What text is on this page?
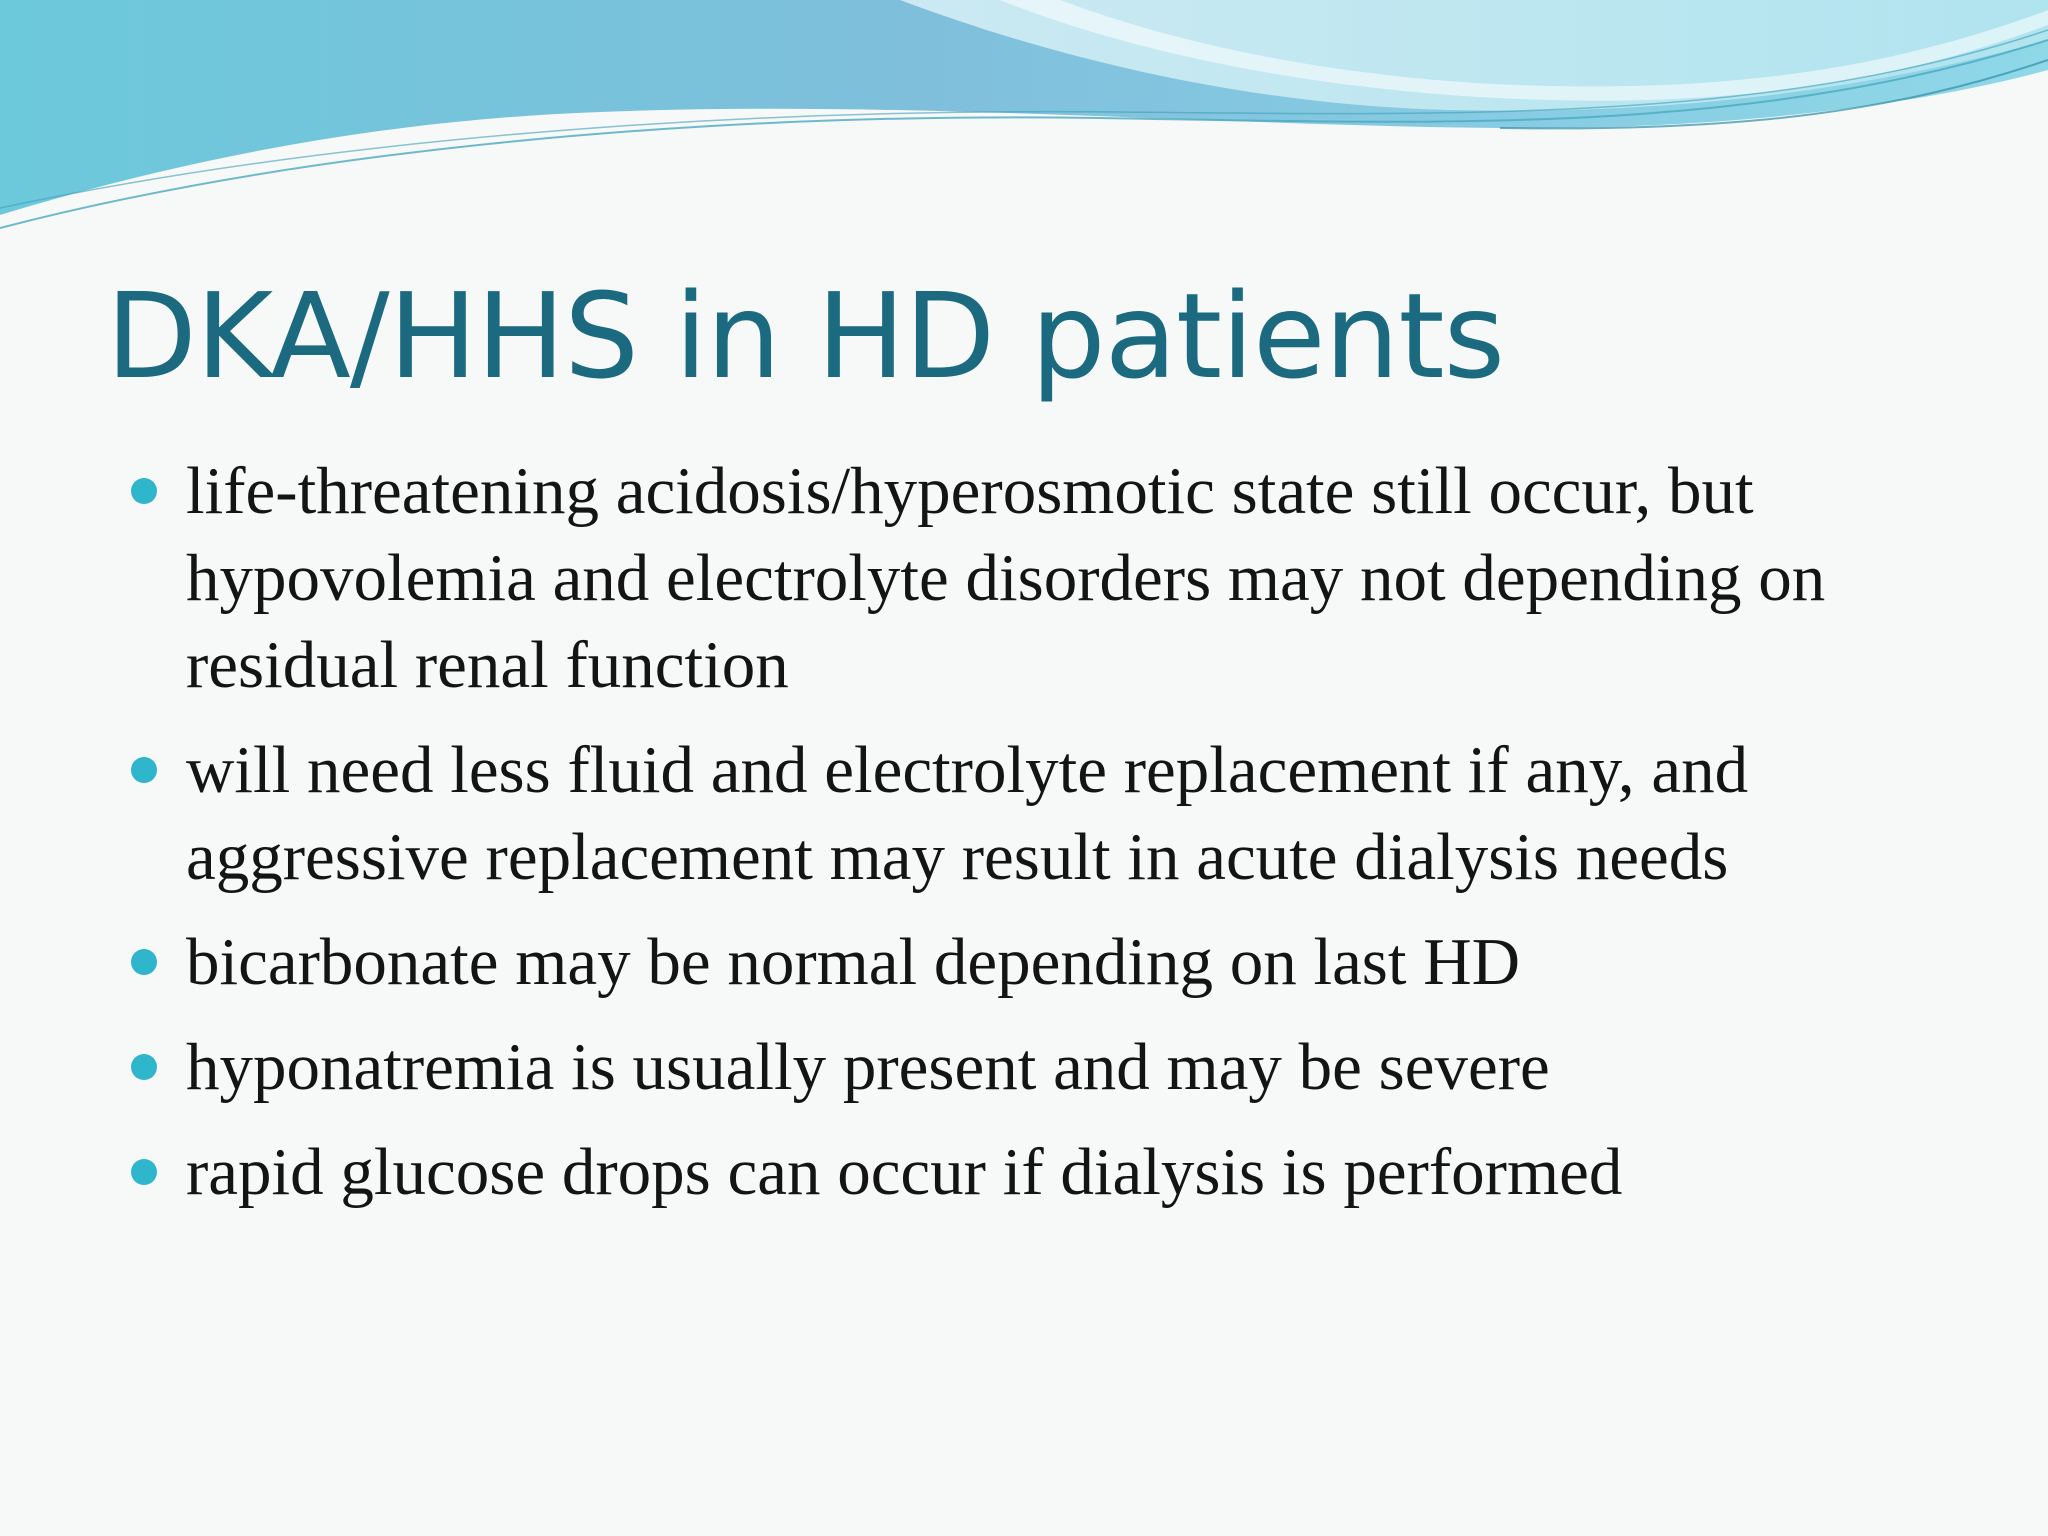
DKA/HHS in HD patients
life-threatening acidosis/hyperosmotic state still occur, but hypovolemia and electrolyte disorders may not depending on residual renal function
will need less fluid and electrolyte replacement if any, and aggressive replacement may result in acute dialysis needs
bicarbonate may be normal depending on last HD
hyponatremia is usually present and may be severe
rapid glucose drops can occur if dialysis is performed
